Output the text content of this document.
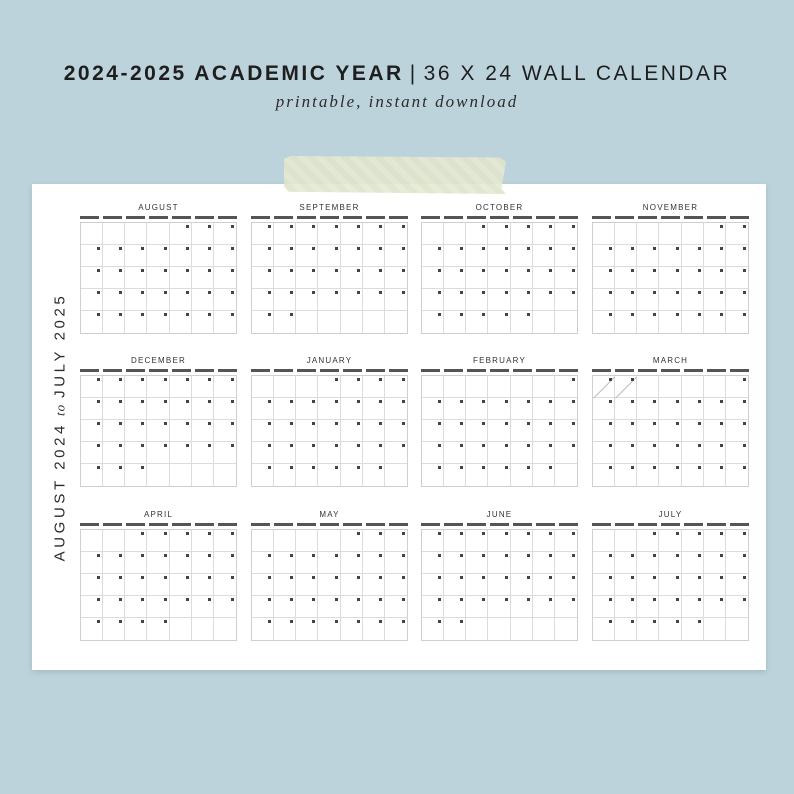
2024-2025 ACADEMIC YEAR | 36 X 24 WALL CALENDAR
printable, instant download
AUGUST 2024toJULY 2025
AUGUST	SEPTEMBER	OCTOBER	NOVEMBER
DECEMBER	JANUARY	FEBRUARY	MARCH
APRIL	MAY	JUNE	JULY
